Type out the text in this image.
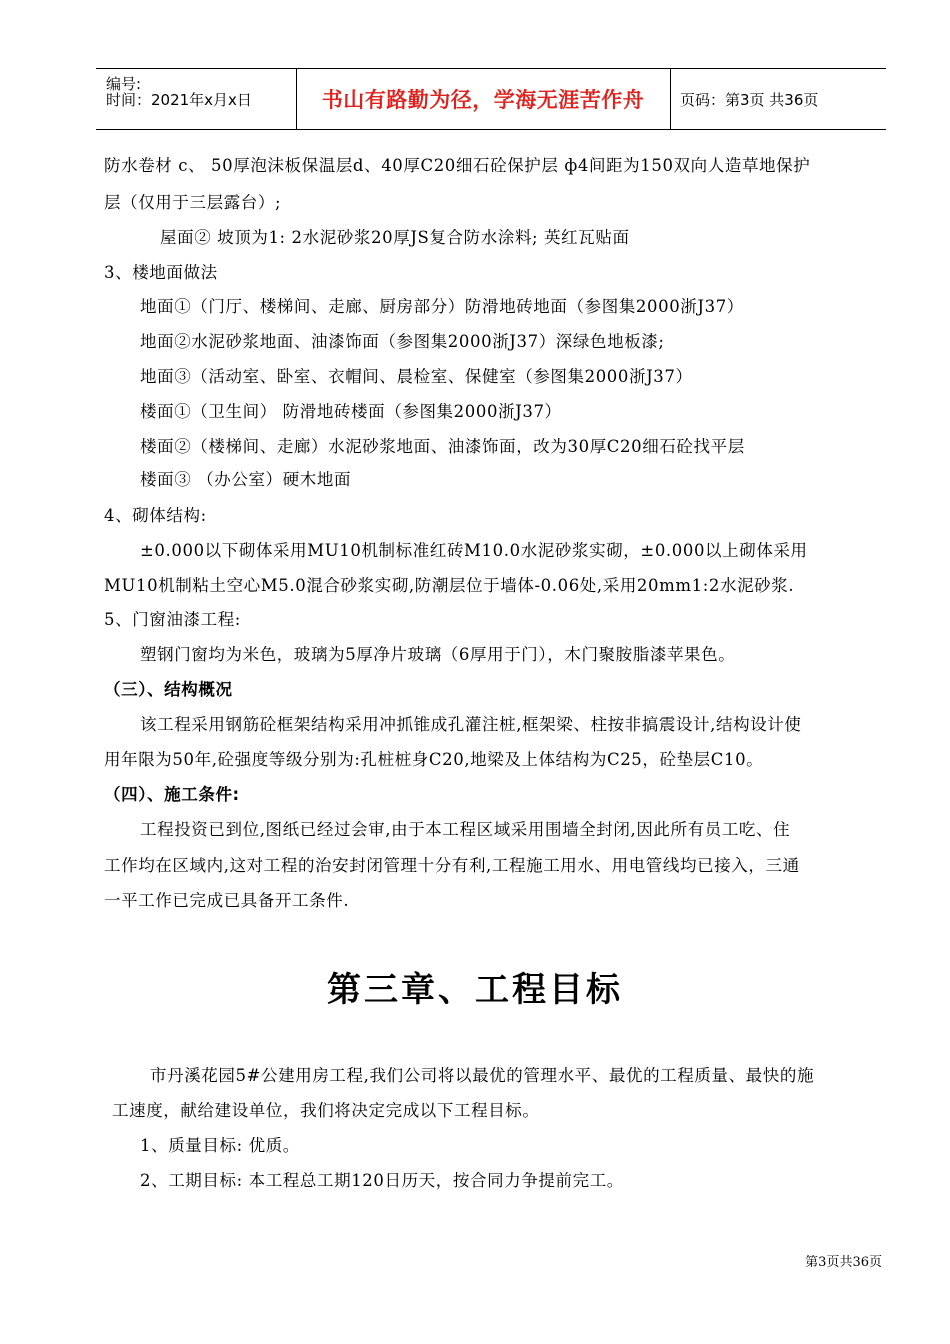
编号:
时间：2021年x月x日	书山有路勤为径，学海无涯苦作舟 页码：第3页 共36页
防水卷材 c、 50厚泡沫板保温层d、40厚C20细石砼保护层 ф4间距为150双向人造草地保护
层（仅用于三层露台）;
屋面② 坡顶为1: 2水泥砂浆20厚JS复合防水涂料; 英红瓦贴面
3、楼地面做法
地面①（门厅、楼梯间、走廊、厨房部分）防滑地砖地面（参图集2000浙J37）
地面②水泥砂浆地面、油漆饰面（参图集2000浙J37）深绿色地板漆;
地面③（活动室、卧室、衣帽间、晨检室、保健室（参图集2000浙J37）
楼面①（卫生间） 防滑地砖楼面（参图集2000浙J37）
楼面②（楼梯间、走廊）水泥砂浆地面、油漆饰面，改为30厚C20细石砼找平层
楼面③ （办公室）硬木地面
4、砌体结构:
±0.000以下砌体采用MU10机制标准红砖M10.0水泥砂浆实砌，±0.000以上砌体采用
MU10机制粘土空心M5.0混合砂浆实砌,防潮层位于墙体-0.06处,采用20mm1:2水泥砂浆.
5、门窗油漆工程:
塑钢门窗均为米色，玻璃为5厚净片玻璃（6厚用于门），木门聚胺脂漆苹果色。
（三）、结构概况
该工程采用钢筋砼框架结构采用冲抓锥成孔灌注桩,框架梁、柱按非搞震设计,结构设计使
用年限为50年,砼强度等级分别为:孔桩桩身C20,地梁及上体结构为C25，砼垫层C10。
（四）、施工条件:
工程投资已到位,图纸已经过会审,由于本工程区域采用围墙全封闭,因此所有员工吃、住
工作均在区域内,这对工程的治安封闭管理十分有利,工程施工用水、用电管线均已接入，三通
一平工作已完成已具备开工条件.
第三章、工程目标
市丹溪花园5#公建用房工程,我们公司将以最优的管理水平、最优的工程质量、最快的施
工速度，献给建设单位，我们将决定完成以下工程目标。
1、质量目标: 优质。
2、工期目标: 本工程总工期120日历天，按合同力争提前完工。
第3页共36页
